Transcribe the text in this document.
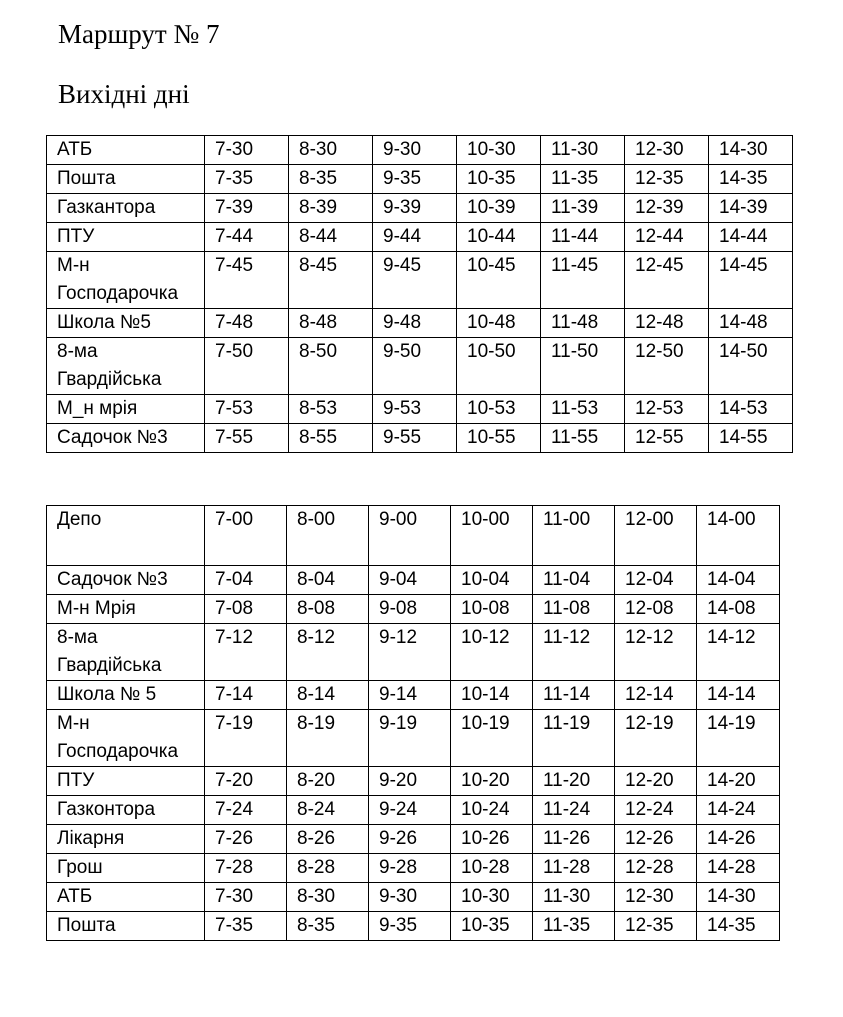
Маршрут № 7
Вихідні дні
АТБ	7-30	8-30	9-30	10-30	11-30	12-30	14-30
Пошта	7-35	8-35	9-35	10-35	11-35	12-35	14-35
Газкантора	7-39	8-39	9-39	10-39	11-39	12-39	14-39
ПТУ	7-44	8-44	9-44	10-44	11-44	12-44	14-44
М-н Господарочка	7-45	8-45	9-45	10-45	11-45	12-45	14-45
Школа №5	7-48	8-48	9-48	10-48	11-48	12-48	14-48
8-ма Гвардійська	7-50	8-50	9-50	10-50	11-50	12-50	14-50
М_н мрія	7-53	8-53	9-53	10-53	11-53	12-53	14-53
Садочок №3	7-55	8-55	9-55	10-55	11-55	12-55	14-55
Депо	7-00	8-00	9-00	10-00	11-00	12-00	14-00
Садочок №3	7-04	8-04	9-04	10-04	11-04	12-04	14-04
М-н Мрія	7-08	8-08	9-08	10-08	11-08	12-08	14-08
8-ма Гвардійська	7-12	8-12	9-12	10-12	11-12	12-12	14-12
Школа № 5	7-14	8-14	9-14	10-14	11-14	12-14	14-14
М-н Господарочка	7-19	8-19	9-19	10-19	11-19	12-19	14-19
ПТУ	7-20	8-20	9-20	10-20	11-20	12-20	14-20
Газконтора	7-24	8-24	9-24	10-24	11-24	12-24	14-24
Лікарня	7-26	8-26	9-26	10-26	11-26	12-26	14-26
Грош	7-28	8-28	9-28	10-28	11-28	12-28	14-28
АТБ	7-30	8-30	9-30	10-30	11-30	12-30	14-30
Пошта	7-35	8-35	9-35	10-35	11-35	12-35	14-35
